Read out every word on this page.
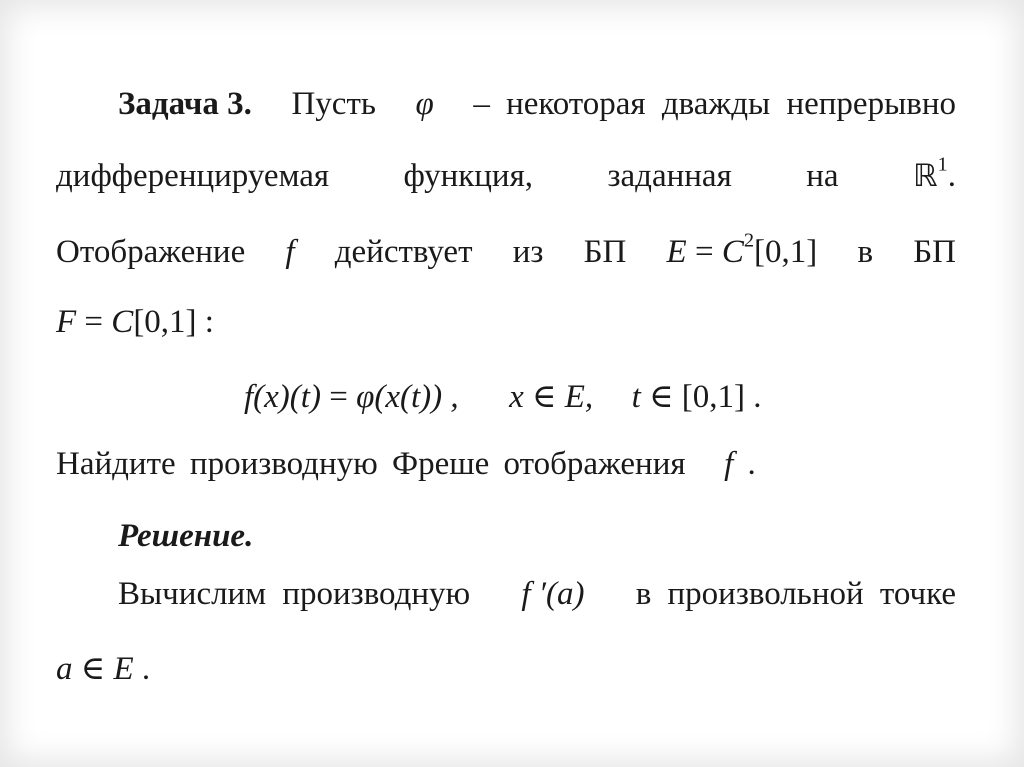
Задача 3. Пусть φ – некоторая дважды непрерывно
дифференцируемая функция, заданная на ℝ$^1$.
Отображение f действует из БП $E = C^2[0,1]$ в БП
F = C[0,1] :
f(x)(t) = φ(x(t)) , x ∈ E, t ∈ [0,1] .
Найдите производную Фреше отображения f .
Решение.
Вычислим производную f ′(a) в произвольной точке
a ∈ E .
